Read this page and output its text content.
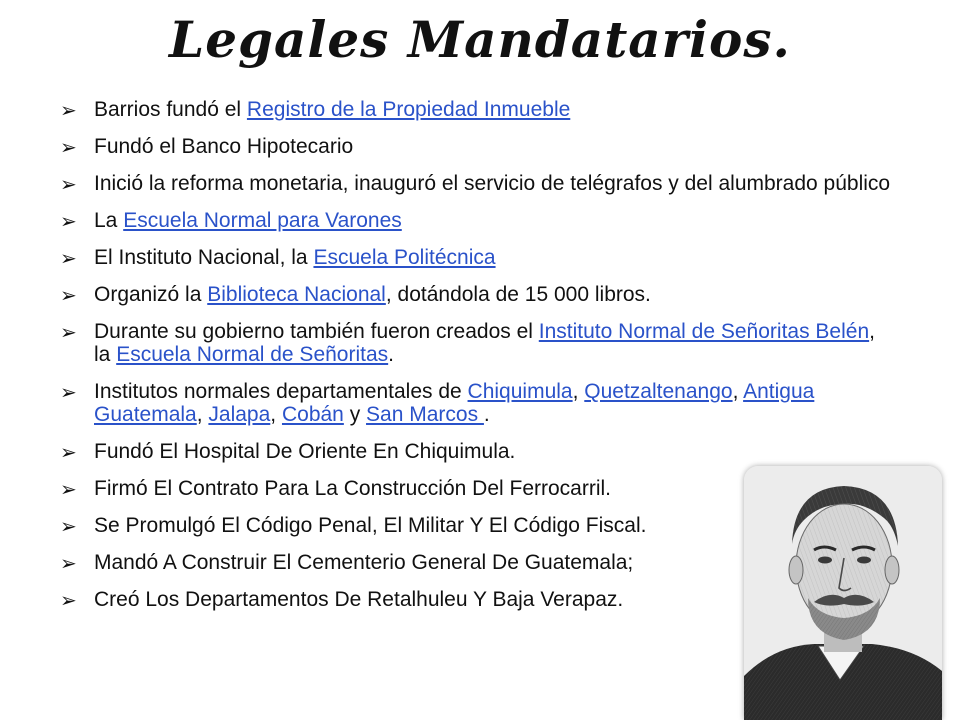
Legales Mandatarios.
➢ Barrios fundó el Registro de la Propiedad Inmueble
➢ Fundó el Banco Hipotecario
➢ Inició la reforma monetaria, inauguró el servicio de telégrafos y del alumbrado público
➢ La Escuela Normal para Varones
➢ El Instituto Nacional, la Escuela Politécnica
➢ Organizó la Biblioteca Nacional, dotándola de 15 000 libros.
➢ Durante su gobierno también fueron creados el Instituto Normal de Señoritas Belén, la Escuela Normal de Señoritas.
➢ Institutos normales departamentales de Chiquimula, Quetzaltenango, Antigua Guatemala, Jalapa, Cobán y San Marcos .
➢ Fundó El Hospital De Oriente En Chiquimula.
➢ Firmó El Contrato Para La Construcción Del Ferrocarril.
➢ Se Promulgó El Código Penal, El Militar Y El Código Fiscal.
➢ Mandó A Construir El Cementerio General De Guatemala;
➢ Creó Los Departamentos De Retalhuleu Y Baja Verapaz.
